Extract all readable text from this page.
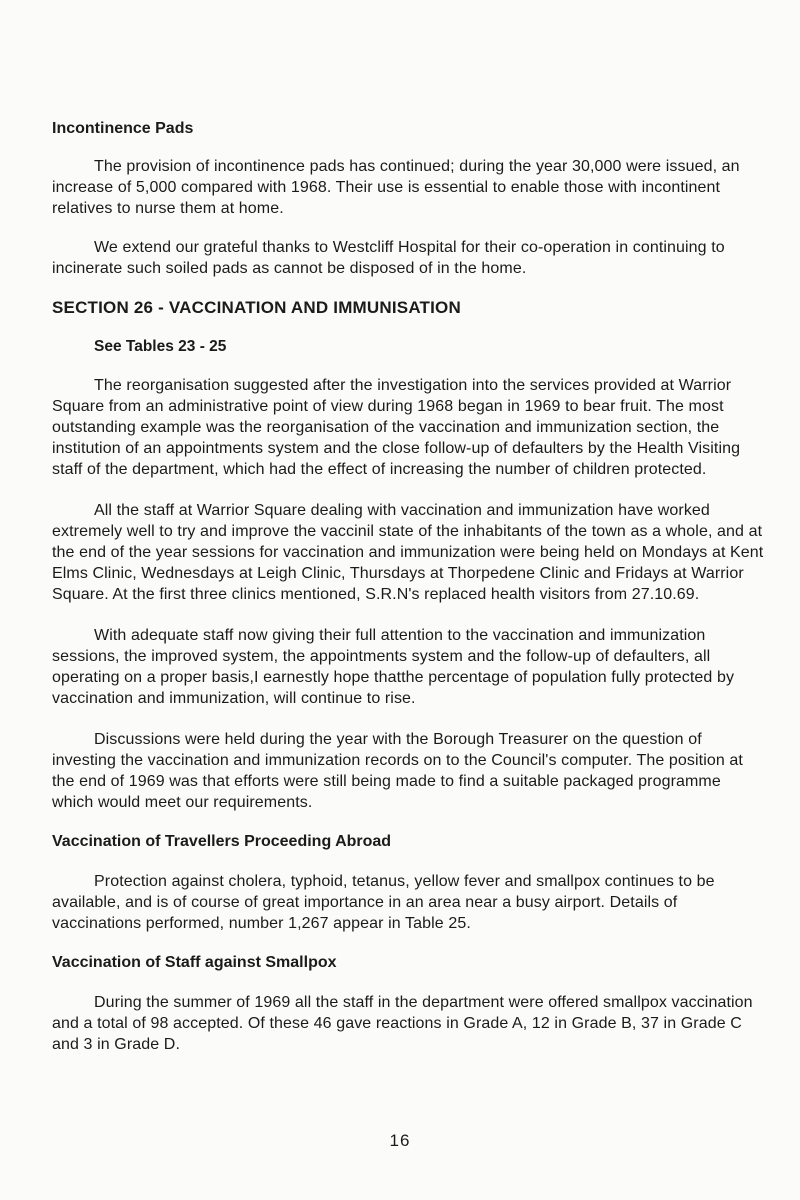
Incontinence Pads

The provision of incontinence pads has continued; during the year 30,000 were issued, an increase of 5,000 compared with 1968. Their use is essential to enable those with incontinent relatives to nurse them at home.

We extend our grateful thanks to Westcliff Hospital for their co-operation in continuing to incinerate such soiled pads as cannot be disposed of in the home.

SECTION 26 - VACCINATION AND IMMUNISATION
See Tables 23 - 25

The reorganisation suggested after the investigation into the services provided at Warrior Square from an administrative point of view during 1968 began in 1969 to bear fruit. The most outstanding example was the reorganisation of the vaccination and immunization section, the institution of an appointments system and the close follow-up of defaulters by the Health Visiting staff of the department, which had the effect of increasing the number of children protected.

All the staff at Warrior Square dealing with vaccination and immunization have worked extremely well to try and improve the vaccinil state of the inhabitants of the town as a whole, and at the end of the year sessions for vaccination and immunization were being held on Mondays at Kent Elms Clinic, Wednesdays at Leigh Clinic, Thursdays at Thorpedene Clinic and Fridays at Warrior Square. At the first three clinics mentioned, S.R.N's replaced health visitors from 27.10.69.

With adequate staff now giving their full attention to the vaccination and immunization sessions, the improved system, the appointments system and the follow-up of defaulters, all operating on a proper basis,I earnestly hope thatthe percentage of population fully protected by vaccination and immunization, will continue to rise.

Discussions were held during the year with the Borough Treasurer on the question of investing the vaccination and immunization records on to the Council's computer. The position at the end of 1969 was that efforts were still being made to find a suitable packaged programme which would meet our requirements.

Vaccination of Travellers Proceeding Abroad

Protection against cholera, typhoid, tetanus, yellow fever and smallpox continues to be available, and is of course of great importance in an area near a busy airport. Details of vaccinations performed, number 1,267 appear in Table 25.

Vaccination of Staff against Smallpox

During the summer of 1969 all the staff in the department were offered smallpox vaccination and a total of 98 accepted. Of these 46 gave reactions in Grade A, 12 in Grade B, 37 in Grade C and 3 in Grade D.

16
